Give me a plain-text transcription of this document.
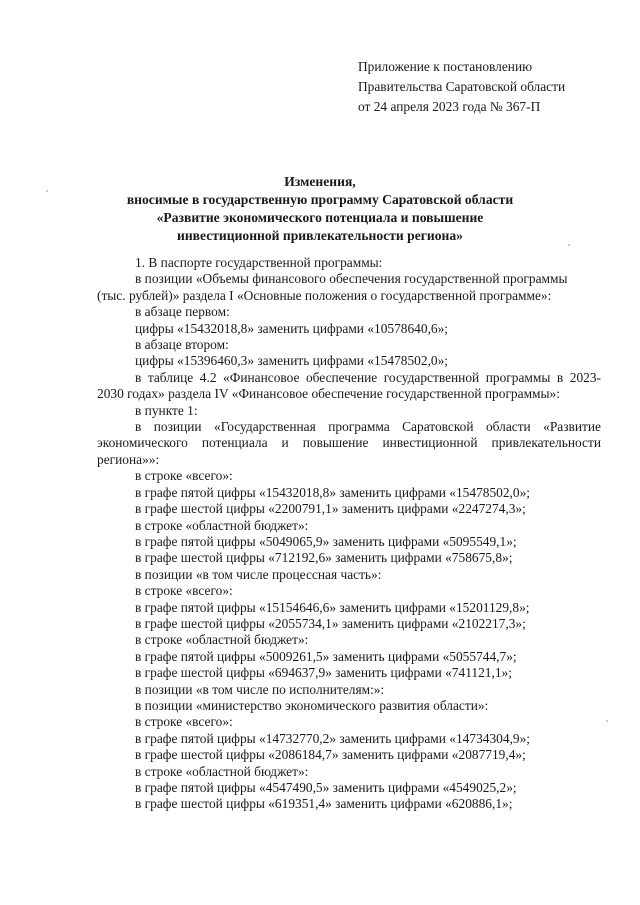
Приложение к постановлению
Правительства Саратовской области
от 24 апреля 2023 года № 367-П
Изменения,
вносимые в государственную программу Саратовской области
«Развитие экономического потенциала и повышение
инвестиционной привлекательности региона»

1. В паспорте государственной программы:

в позиции «Объемы финансового обеспечения государственной программы

(тыс. рублей)» раздела I «Основные положения о государственной программе»:

в абзаце первом:

цифры «15432018,8» заменить цифрами «10578640,6»;

в абзаце втором:

цифры «15396460,3» заменить цифрами «15478502,0»;

в таблице 4.2 «Финансовое обеспечение государственной программы в 2023-2030 годах» раздела IV «Финансовое обеспечение государственной программы»:

в пункте 1:

в позиции «Государственная программа Саратовской области «Развитие экономического потенциала и повышение инвестиционной привлекательности региона»»:

в строке «всего»:

в графе пятой цифры «15432018,8» заменить цифрами «15478502,0»;

в графе шестой цифры «2200791,1» заменить цифрами «2247274,3»;

в строке «областной бюджет»:

в графе пятой цифры «5049065,9» заменить цифрами «5095549,1»;

в графе шестой цифры «712192,6» заменить цифрами «758675,8»;

в позиции «в том числе процессная часть»:

в строке «всего»:

в графе пятой цифры «15154646,6» заменить цифрами «15201129,8»;

в графе шестой цифры «2055734,1» заменить цифрами «2102217,3»;

в строке «областной бюджет»:

в графе пятой цифры «5009261,5» заменить цифрами «5055744,7»;

в графе шестой цифры «694637,9» заменить цифрами «741121,1»;

в позиции «в том числе по исполнителям:»:

в позиции «министерство экономического развития области»:

в строке «всего»:

в графе пятой цифры «14732770,2» заменить цифрами «14734304,9»;

в графе шестой цифры «2086184,7» заменить цифрами «2087719,4»;

в строке «областной бюджет»:

в графе пятой цифры «4547490,5» заменить цифрами «4549025,2»;

в графе шестой цифры «619351,4» заменить цифрами «620886,1»;
